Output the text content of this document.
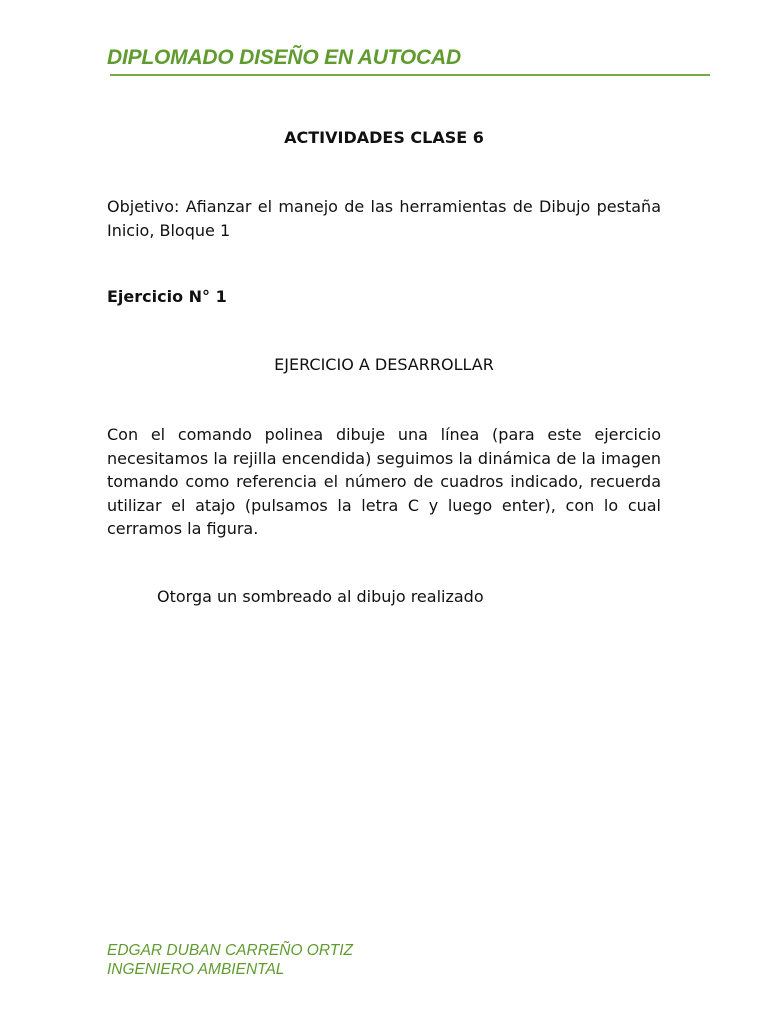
DIPLOMADO DISEÑO EN AUTOCAD
ACTIVIDADES CLASE 6
Objetivo: Afianzar el manejo de las herramientas de Dibujo pestaña Inicio, Bloque 1
Ejercicio N° 1
EJERCICIO A DESARROLLAR
Con el comando polinea dibuje una línea (para este ejercicio necesitamos la rejilla encendida) seguimos la dinámica de la imagen tomando como referencia el número de cuadros indicado, recuerda utilizar el atajo (pulsamos la letra C y luego enter), con lo cual cerramos la figura.
Otorga un sombreado al dibujo realizado
EDGAR DUBAN CARREÑO ORTIZ
INGENIERO AMBIENTAL
